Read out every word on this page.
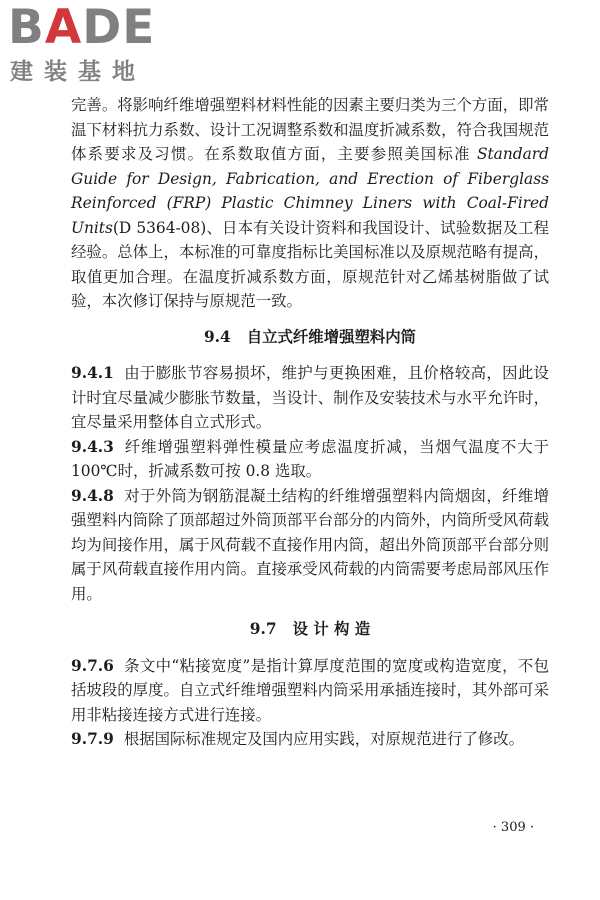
BADE
建装基地

完善。将影响纤维增强塑料材料性能的因素主要归类为三个方面，即常温下材料抗力系数、设计工况调整系数和温度折减系数，符合我国规范体系要求及习惯。在系数取值方面，主要参照美国标准 Standard Guide for Design, Fabrication, and Erection of Fiberglass Reinforced (FRP) Plastic Chimney Liners with Coal-Fired Units(D 5364-08)、日本有关设计资料和我国设计、试验数据及工程经验。总体上，本标准的可靠度指标比美国标准以及原规范略有提高，取值更加合理。在温度折减系数方面，原规范针对乙烯基树脂做了试验，本次修订保持与原规范一致。

9.4 自立式纤维增强塑料内筒

9.4.1 由于膨胀节容易损坏，维护与更换困难，且价格较高，因此设计时宜尽量减少膨胀节数量，当设计、制作及安装技术与水平允许时，宜尽量采用整体自立式形式。

9.4.3 纤维增强塑料弹性模量应考虑温度折减，当烟气温度不大于 100℃时，折减系数可按 0.8 选取。

9.4.8 对于外筒为钢筋混凝土结构的纤维增强塑料内筒烟囱，纤维增强塑料内筒除了顶部超过外筒顶部平台部分的内筒外，内筒所受风荷载均为间接作用，属于风荷载不直接作用内筒，超出外筒顶部平台部分则属于风荷载直接作用内筒。直接承受风荷载的内筒需要考虑局部风压作用。

9.7 设 计 构 造

9.7.6 条文中“粘接宽度”是指计算厚度范围的宽度或构造宽度，不包括坡段的厚度。自立式纤维增强塑料内筒采用承插连接时，其外部可采用非粘接连接方式进行连接。

9.7.9 根据国际标准规定及国内应用实践，对原规范进行了修改。

· 309 ·
